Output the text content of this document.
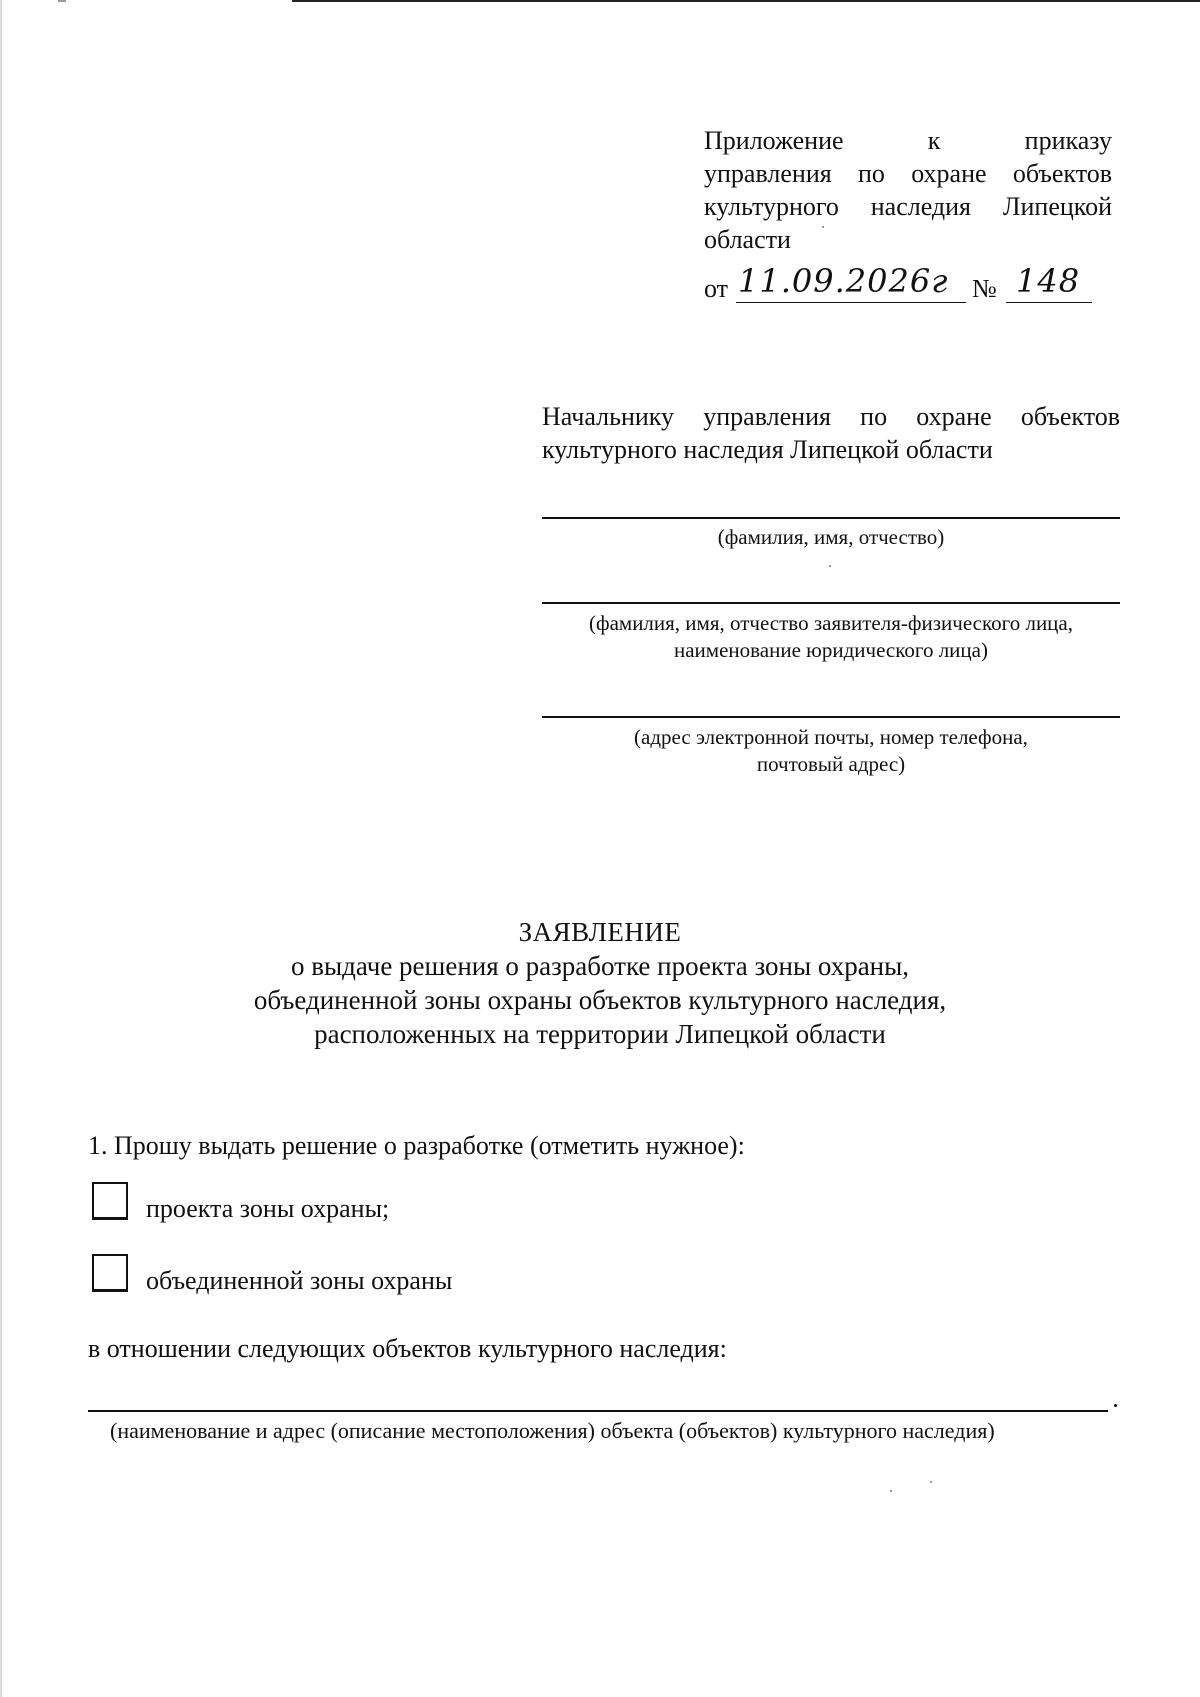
Приложение	к	приказу
управления по охране объектов
культурного наследия Липецкой
области
от 11.09.2026г № 148
Начальнику управления по охране объектов культурного наследия Липецкой области
(фамилия, имя, отчество)
(фамилия, имя, отчество заявителя-физического лица,
наименование юридического лица)
(адрес электронной почты, номер телефона,
почтовый адрес)
ЗАЯВЛЕНИЕ
о выдаче решения о разработке проекта зоны охраны,
объединенной зоны охраны объектов культурного наследия,
расположенных на территории Липецкой области
1. Прошу выдать решение о разработке (отметить нужное):
проекта зоны охраны;
объединенной зоны охраны
в отношении следующих объектов культурного наследия:
(наименование и адрес (описание местоположения) объекта (объектов) культурного наследия)
